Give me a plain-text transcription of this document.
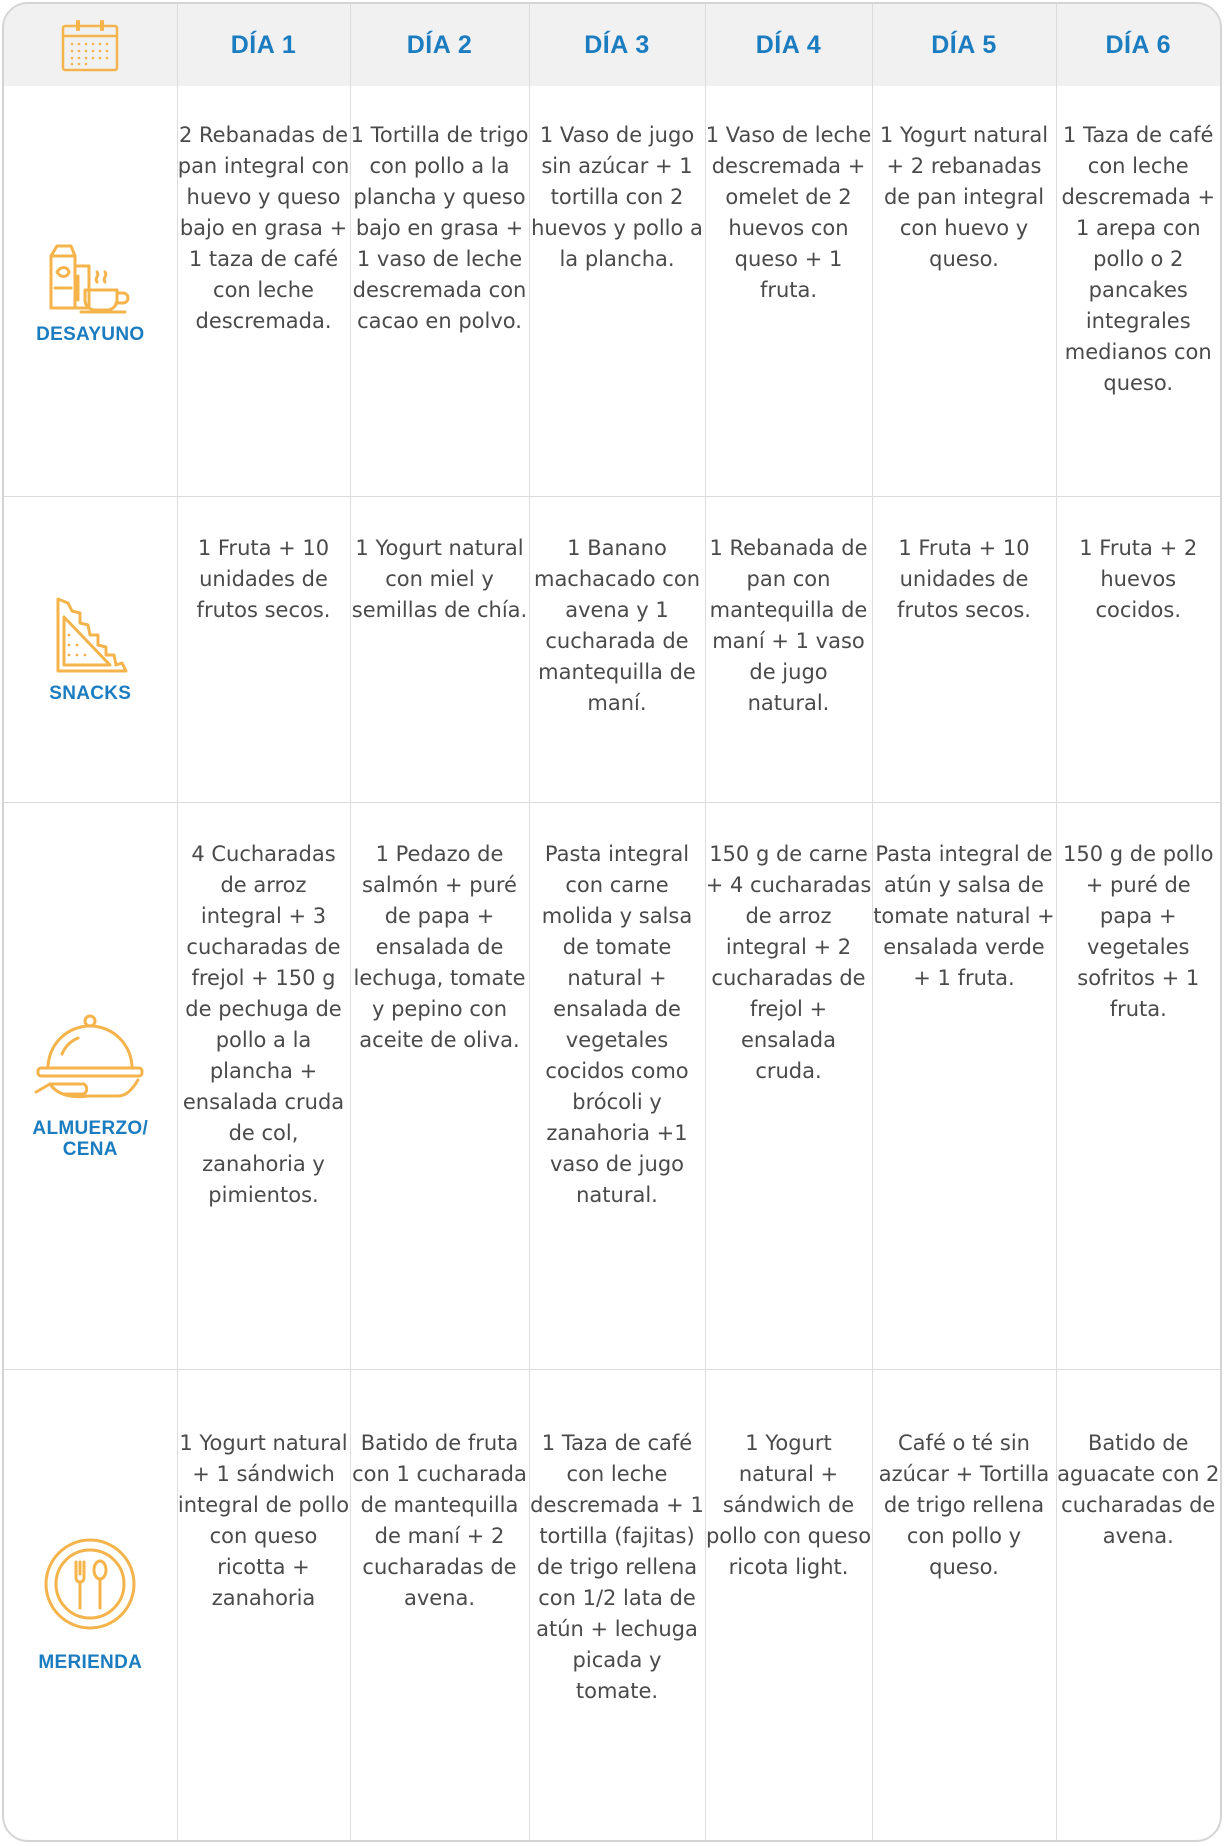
	DÍA 1	DÍA 2	DÍA 3	DÍA 4	DÍA 5	DÍA 6

DESAYUNO	2 Rebanadas de pan integral con huevo y queso bajo en grasa + 1 taza de café con leche descremada.	1 Tortilla de trigo con pollo a la plancha y queso bajo en grasa + 1 vaso de leche descremada con cacao en polvo.	1 Vaso de jugo sin azúcar + 1 tortilla con 2 huevos y pollo a la plancha.	1 Vaso de leche descremada + omelet de 2 huevos con queso + 1 fruta.	1 Yogurt natural + 2 rebanadas de pan integral con huevo y queso.	1 Taza de café con leche descremada + 1 arepa con pollo o 2 pancakes integrales medianos con queso.

SNACKS	1 Fruta + 10 unidades de frutos secos.	1 Yogurt natural con miel y semillas de chía.	1 Banano machacado con avena y 1 cucharada de mantequilla de maní.	1 Rebanada de pan con mantequilla de maní + 1 vaso de jugo natural.	1 Fruta + 10 unidades de frutos secos.	1 Fruta + 2 huevos cocidos.

ALMUERZO/ CENA	4 Cucharadas de arroz integral + 3 cucharadas de frejol + 150 g de pechuga de pollo a la plancha + ensalada cruda de col, zanahoria y pimientos.	1 Pedazo de salmón + puré de papa + ensalada de lechuga, tomate y pepino con aceite de oliva.	Pasta integral con carne molida y salsa de tomate natural + ensalada de vegetales cocidos como brócoli y zanahoria +1 vaso de jugo natural.	150 g de carne + 4 cucharadas de arroz integral + 2 cucharadas de frejol + ensalada cruda.	Pasta integral de atún y salsa de tomate natural + ensalada verde + 1 fruta.	150 g de pollo + puré de papa + vegetales sofritos + 1 fruta.

MERIENDA	1 Yogurt natural + 1 sándwich integral de pollo con queso ricotta + zanahoria	Batido de fruta con 1 cucharada de mantequilla de maní + 2 cucharadas de avena.	1 Taza de café con leche descremada + 1 tortilla (fajitas) de trigo rellena con 1/2 lata de atún + lechuga picada y tomate.	1 Yogurt natural + sándwich de pollo con queso ricota light.	Café o té sin azúcar + Tortilla de trigo rellena con pollo y queso.	Batido de aguacate con 2 cucharadas de avena.
